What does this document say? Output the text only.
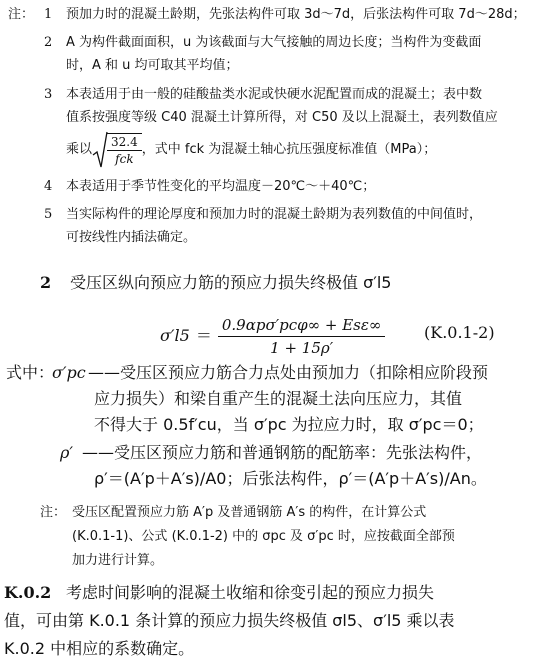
注： 1 预加力时的混凝土龄期，先张法构件可取 3d～7d，后张法构件可取 7d～28d；
2 A 为构件截面面积，u 为该截面与大气接触的周边长度；当构件为变截面
时，A 和 u 均可取其平均值；
3 本表适用于由一般的硅酸盐类水泥或快硬水泥配置而成的混凝土；表中数
值系按强度等级 C40 混凝土计算所得，对 C50 及以上混凝土，表列数值应
乘以 $\frac{32.4}{\text{fck}}$ ，式中 fck 为混凝土轴心抗压强度标准值（MPa）；
4 本表适用于季节性变化的平均温度－20℃～＋40℃；
5 当实际构件的理论厚度和预加力时的混凝土龄期为表列数值的中间值时，
可按线性内插法确定。
2 受压区纵向预应力筋的预应力损失终极值 σ′l5
$\sigma'l5 = \frac{\text{0.9αpσ′pcφ∞ + Esε∞}}{1 + 15\rho'} (K.0.1-2)$
式中：
σ′pc ——受压区预应力筋合力点处由预加力（扣除相应阶段预
应力损失）和梁自重产生的混凝土法向压应力，其值
不得大于 0.5f′cu，当 σ′pc 为拉应力时，取 σ′pc＝0；
ρ′ ——受压区预应力筋和普通钢筋的配筋率：先张法构件，
ρ′＝(A′p＋A′s)/A0；后张法构件，ρ′＝(A′p＋A′s)/An。
注： 受压区配置预应力筋 A′p 及普通钢筋 A′s 的构件，在计算公式
(K.0.1-1)、公式 (K.0.1-2) 中的 σpc 及 σ′pc 时，应按截面全部预
加力进行计算。
K.0.2 考虑时间影响的混凝土收缩和徐变引起的预应力损失
值，可由第 K.0.1 条计算的预应力损失终极值 σl5、σ′l5 乘以表
K.0.2 中相应的系数确定。
